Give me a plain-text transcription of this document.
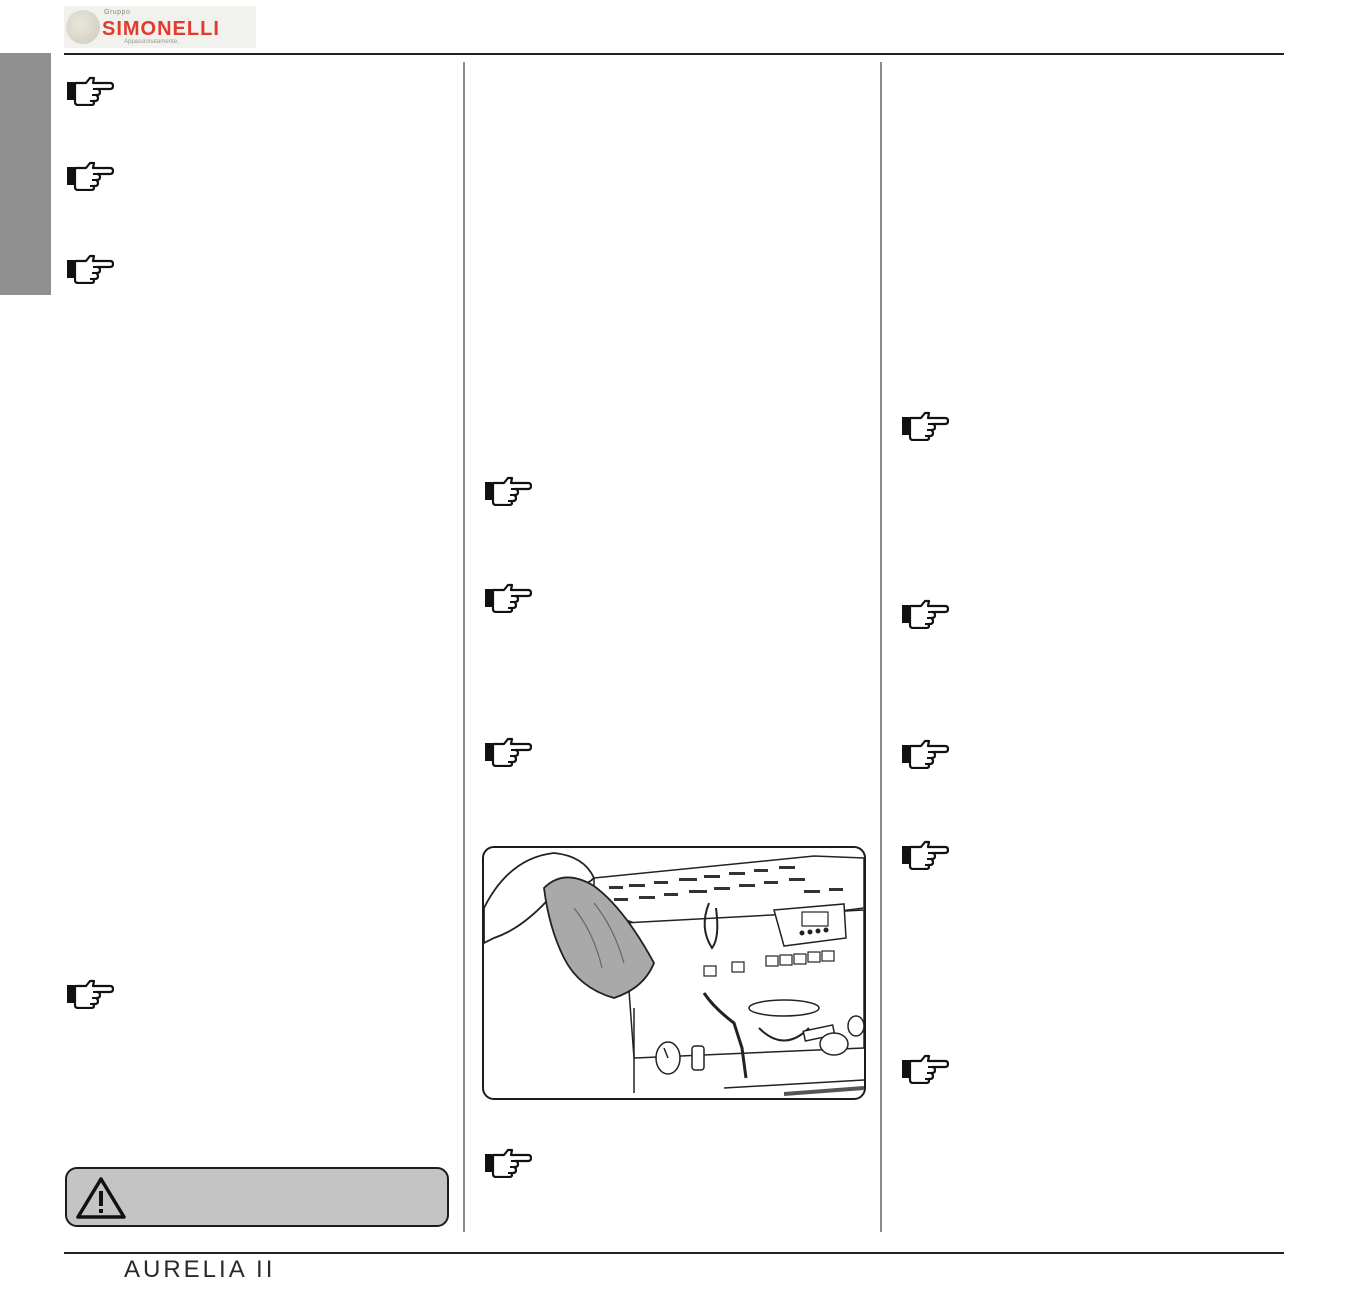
Gruppo
SIMONELLI
Appassionatamente.
AURELIA II
